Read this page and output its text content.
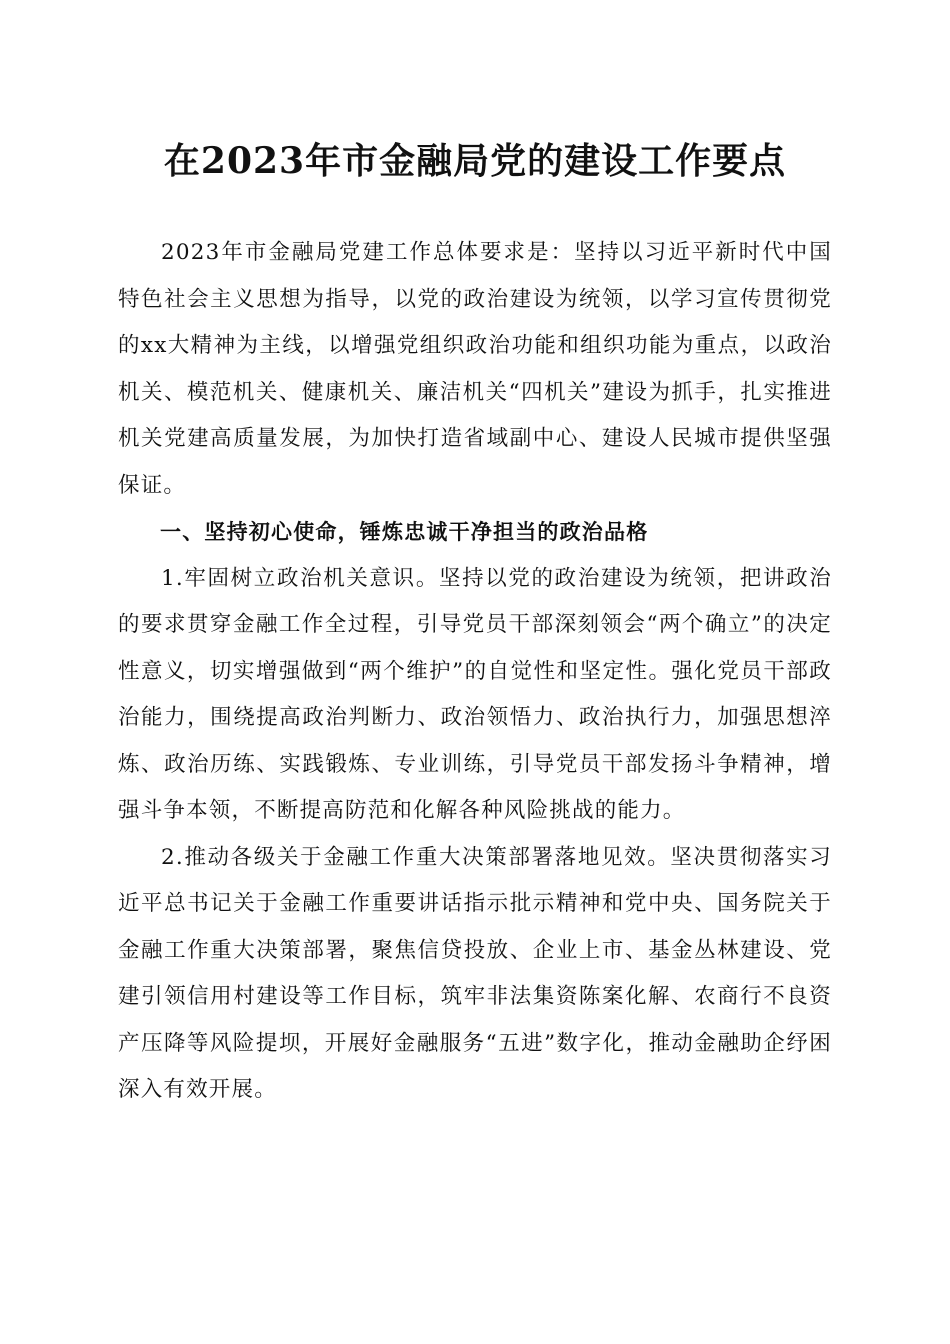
在2023年市金融局党的建设工作要点

2023年市金融局党建工作总体要求是：坚持以习近平新时代中国特色社会主义思想为指导，以党的政治建设为统领，以学习宣传贯彻党的xx大精神为主线，以增强党组织政治功能和组织功能为重点，以政治机关、模范机关、健康机关、廉洁机关“四机关”建设为抓手，扎实推进机关党建高质量发展，为加快打造省域副中心、建设人民城市提供坚强保证。

一、坚持初心使命，锤炼忠诚干净担当的政治品格

1.牢固树立政治机关意识。坚持以党的政治建设为统领，把讲政治的要求贯穿金融工作全过程，引导党员干部深刻领会“两个确立”的决定性意义，切实增强做到“两个维护”的自觉性和坚定性。强化党员干部政治能力，围绕提高政治判断力、政治领悟力、政治执行力，加强思想淬炼、政治历练、实践锻炼、专业训练，引导党员干部发扬斗争精神，增强斗争本领，不断提高防范和化解各种风险挑战的能力。

2.推动各级关于金融工作重大决策部署落地见效。坚决贯彻落实习近平总书记关于金融工作重要讲话指示批示精神和党中央、国务院关于金融工作重大决策部署，聚焦信贷投放、企业上市、基金丛林建设、党建引领信用村建设等工作目标，筑牢非法集资陈案化解、农商行不良资产压降等风险提坝，开展好金融服务“五进”数字化，推动金融助企纾困深入有效开展。
